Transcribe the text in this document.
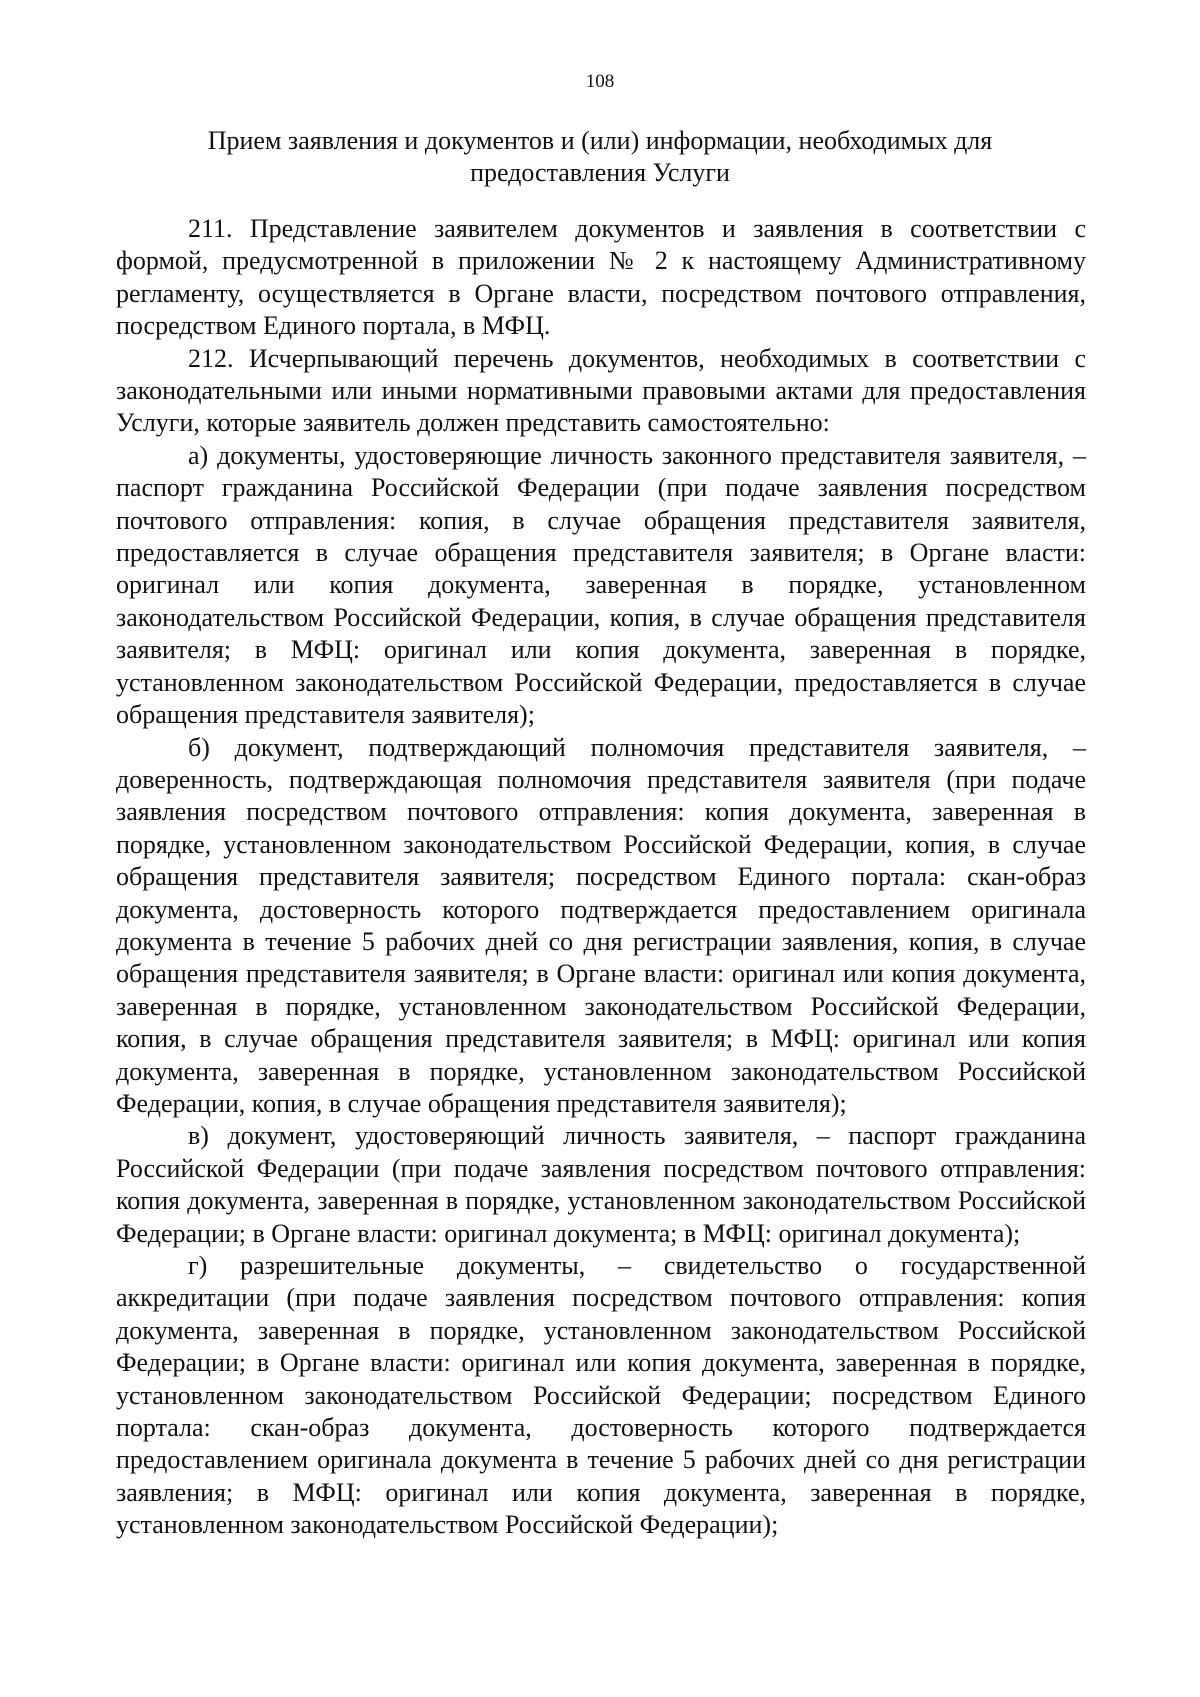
108
Прием заявления и документов и (или) информации, необходимых для
предоставления Услуги

211. Представление заявителем документов и заявления в соответствии с формой, предусмотренной в приложении № 2 к настоящему Административному регламенту, осуществляется в Органе власти, посредством почтового отправления, посредством Единого портала, в МФЦ.

212. Исчерпывающий перечень документов, необходимых в соответствии с законодательными или иными нормативными правовыми актами для предоставления Услуги, которые заявитель должен представить самостоятельно:

а) документы, удостоверяющие личность законного представителя заявителя, – паспорт гражданина Российской Федерации (при подаче заявления посредством почтового отправления: копия, в случае обращения представителя заявителя, предоставляется в случае обращения представителя заявителя; в Органе власти: оригинал или копия документа, заверенная в порядке, установленном законодательством Российской Федерации, копия, в случае обращения представителя заявителя; в МФЦ: оригинал или копия документа, заверенная в порядке, установленном законодательством Российской Федерации, предоставляется в случае обращения представителя заявителя);

б) документ, подтверждающий полномочия представителя заявителя, – доверенность, подтверждающая полномочия представителя заявителя (при подаче заявления посредством почтового отправления: копия документа, заверенная в порядке, установленном законодательством Российской Федерации, копия, в случае обращения представителя заявителя; посредством Единого портала: скан-образ документа, достоверность которого подтверждается предоставлением оригинала документа в течение 5 рабочих дней со дня регистрации заявления, копия, в случае обращения представителя заявителя; в Органе власти: оригинал или копия документа, заверенная в порядке, установленном законодательством Российской Федерации, копия, в случае обращения представителя заявителя; в МФЦ: оригинал или копия документа, заверенная в порядке, установленном законодательством Российской Федерации, копия, в случае обращения представителя заявителя);

в) документ, удостоверяющий личность заявителя, – паспорт гражданина Российской Федерации (при подаче заявления посредством почтового отправления: копия документа, заверенная в порядке, установленном законодательством Российской Федерации; в Органе власти: оригинал документа; в МФЦ: оригинал документа);

г) разрешительные документы, – свидетельство о государственной аккредитации (при подаче заявления посредством почтового отправления: копия документа, заверенная в порядке, установленном законодательством Российской Федерации; в Органе власти: оригинал или копия документа, заверенная в порядке, установленном законодательством Российской Федерации; посредством Единого портала: скан-образ документа, достоверность которого подтверждается предоставлением оригинала документа в течение 5 рабочих дней со дня регистрации заявления; в МФЦ: оригинал или копия документа, заверенная в порядке, установленном законодательством Российской Федерации);
